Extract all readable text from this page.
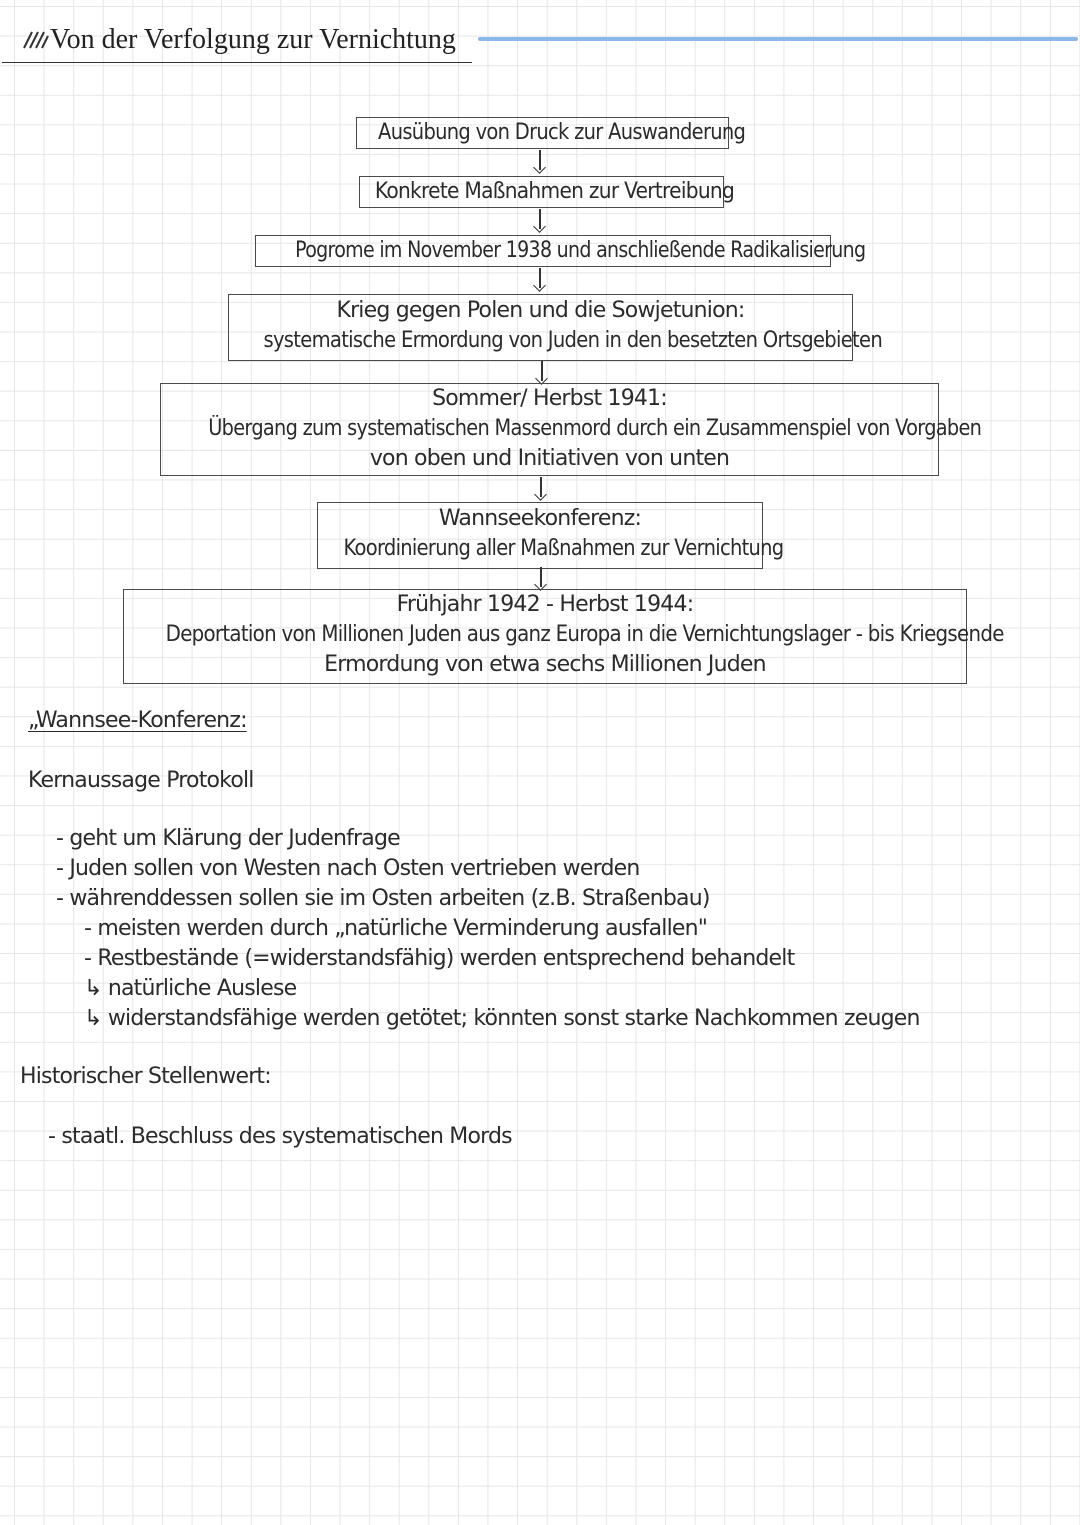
Von der Verfolgung zur Vernichtung
Ausübung von Druck zur Auswanderung
Konkrete Maßnahmen zur Vertreibung
Pogrome im November 1938 und anschließende Radikalisierung
Krieg gegen Polen und die Sowjetunion:
systematische Ermordung von Juden in den besetzten Ortsgebieten
Sommer/ Herbst 1941:
Übergang zum systematischen Massenmord durch ein Zusammenspiel von Vorgaben
von oben und Initiativen von unten
Wannseekonferenz:
Koordinierung aller Maßnahmen zur Vernichtung
Frühjahr 1942 - Herbst 1944:
Deportation von Millionen Juden aus ganz Europa in die Vernichtungslager - bis Kriegsende
Ermordung von etwa sechs Millionen Juden
„Wannsee-Konferenz:
Kernaussage Protokoll
- geht um Klärung der Judenfrage
- Juden sollen von Westen nach Osten vertrieben werden
- währenddessen sollen sie im Osten arbeiten (z.B. Straßenbau)
- meisten werden durch „natürliche Verminderung ausfallen"
- Restbestände (=widerstandsfähig) werden entsprechend behandelt
↳ natürliche Auslese
↳ widerstandsfähige werden getötet; könnten sonst starke Nachkommen zeugen
Historischer Stellenwert:
- staatl. Beschluss des systematischen Mords
